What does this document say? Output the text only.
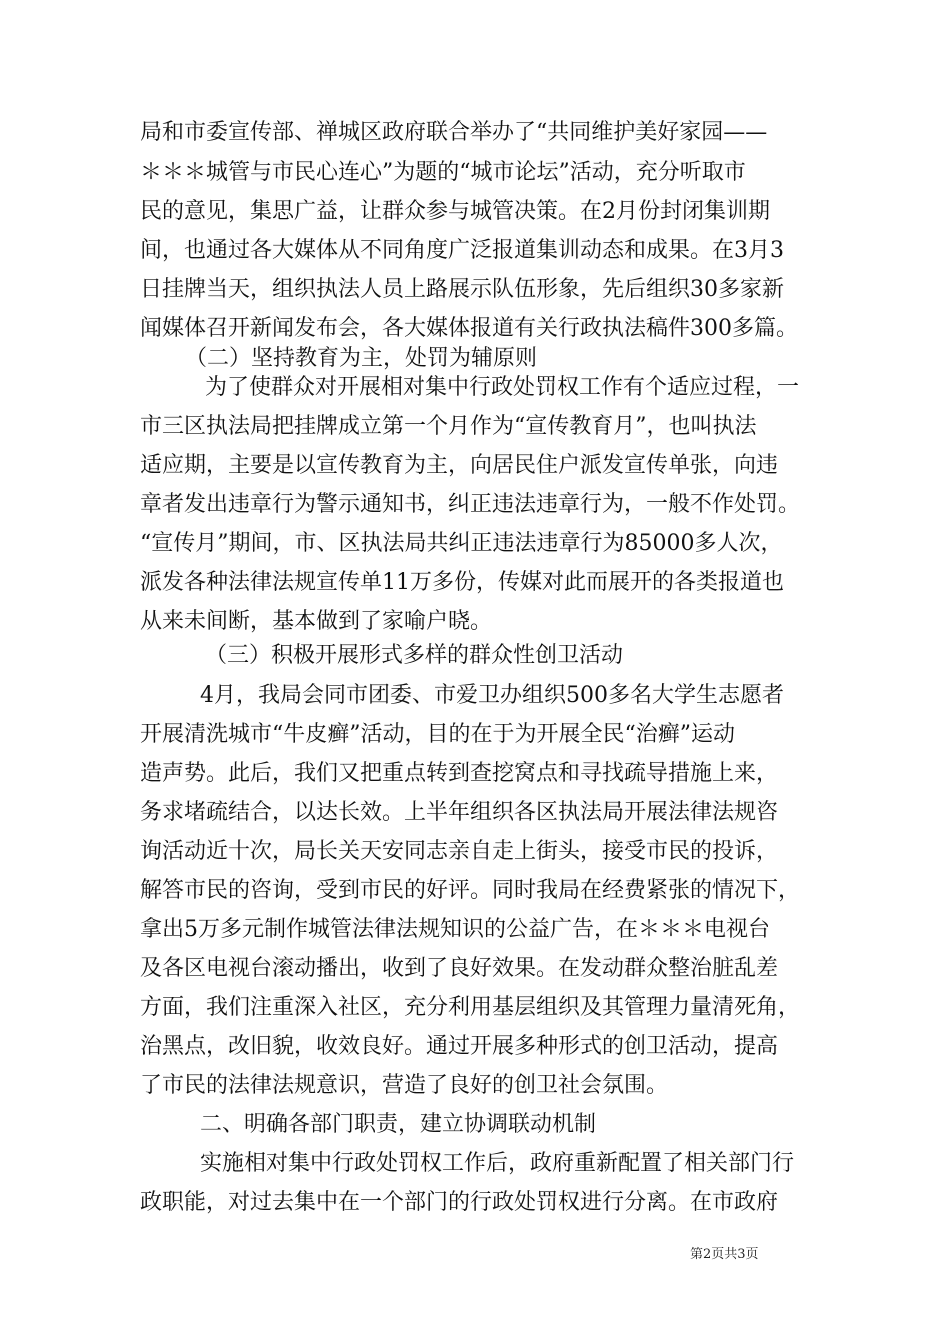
局和市委宣传部、禅城区政府联合举办了“共同维护美好家园——

＊＊＊城管与市民心连心”为题的“城市论坛”活动，充分听取市

民的意见，集思广益，让群众参与城管决策。在2月份封闭集训期

间，也通过各大媒体从不同角度广泛报道集训动态和成果。在3月3

日挂牌当天，组织执法人员上路展示队伍形象，先后组织30多家新

闻媒体召开新闻发布会，各大媒体报道有关行政执法稿件300多篇。

（二）坚持教育为主，处罚为辅原则

为了使群众对开展相对集中行政处罚权工作有个适应过程，一

市三区执法局把挂牌成立第一个月作为“宣传教育月”，也叫执法

适应期，主要是以宣传教育为主，向居民住户派发宣传单张，向违

章者发出违章行为警示通知书，纠正违法违章行为，一般不作处罚。

“宣传月”期间，市、区执法局共纠正违法违章行为85000多人次，

派发各种法律法规宣传单11万多份，传媒对此而展开的各类报道也

从来未间断，基本做到了家喻户晓。

（三）积极开展形式多样的群众性创卫活动

4月，我局会同市团委、市爱卫办组织500多名大学生志愿者

开展清洗城市“牛皮癣”活动，目的在于为开展全民“治癣”运动

造声势。此后，我们又把重点转到查挖窝点和寻找疏导措施上来，

务求堵疏结合，以达长效。上半年组织各区执法局开展法律法规咨

询活动近十次，局长关天安同志亲自走上街头，接受市民的投诉，

解答市民的咨询，受到市民的好评。同时我局在经费紧张的情况下，

拿出5万多元制作城管法律法规知识的公益广告，在＊＊＊电视台

及各区电视台滚动播出，收到了良好效果。在发动群众整治脏乱差

方面，我们注重深入社区，充分利用基层组织及其管理力量清死角，

治黑点，改旧貌，收效良好。通过开展多种形式的创卫活动，提高

了市民的法律法规意识，营造了良好的创卫社会氛围。

二、明确各部门职责，建立协调联动机制

实施相对集中行政处罚权工作后，政府重新配置了相关部门行

政职能，对过去集中在一个部门的行政处罚权进行分离。在市政府

第2页共3页
